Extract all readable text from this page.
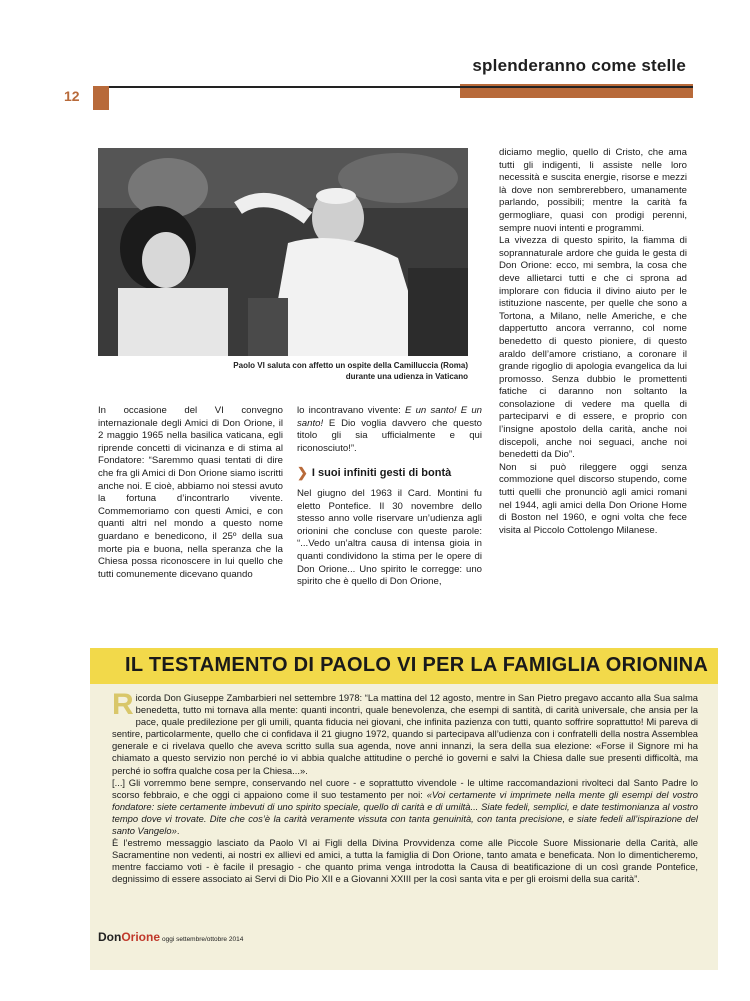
splenderanno come stelle
12
Paolo VI saluta con affetto un ospite della Camilluccia (Roma)
durante una udienza in Vaticano

In occasione del VI convegno internazionale degli Amici di Don Orione, il 2 maggio 1965 nella basilica vaticana, egli riprende concetti di vicinanza e di stima al Fondatore: “Saremmo quasi tentati di dire che fra gli Amici di Don Orione siamo iscritti anche noi. E cioè, abbiamo noi stessi avuto la fortuna d’incontrarlo vivente. Commemoriamo con questi Amici, e con quanti altri nel mondo a questo nome guardano e benedicono, il 25º della sua morte pia e buona, nella speranza che la Chiesa possa riconoscere in lui quello che tutti comunemente dicevano quando

lo incontravano vivente: E un santo! E un santo! E Dio voglia davvero che questo titolo gli sia ufficialmente e qui riconosciuto!”.

❯ I suoi infiniti gesti di bontà

Nel giugno del 1963 il Card. Montini fu eletto Pontefice. Il 30 novembre dello stesso anno volle riservare un’udienza agli orionini che concluse con queste parole: “...Vedo un’altra causa di intensa gioia in quanti condividono la stima per le opere di Don Orione... Uno spirito le corregge: uno spirito che è quello di Don Orione,

diciamo meglio, quello di Cristo, che ama tutti gli indigenti, li assiste nelle loro necessità e suscita energie, risorse e mezzi là dove non sembrerebbero, umanamente parlando, possibili; mentre la carità fa germogliare, quasi con prodigi perenni, sempre nuovi intenti e programmi.

La vivezza di questo spirito, la fiamma di soprannaturale ardore che guida le gesta di Don Orione: ecco, mi sembra, la cosa che deve allietarci tutti e che ci sprona ad implorare con fiducia il divino aiuto per le istituzione nascente, per quelle che sono a Tortona, a Milano, nelle Americhe, e che dappertutto ancora verranno, col nome benedetto di questo pioniere, di questo araldo dell’amore cristiano, a coronare il grande rigoglio di apologia evangelica da lui promosso. Senza dubbio le promettenti fatiche ci daranno non soltanto la consolazione di vedere ma quella di parteciparvi e di essere, e proprio con l’insigne apostolo della carità, anche noi discepoli, anche noi seguaci, anche noi benedetti da Dio”.

Non si può rileggere oggi senza commozione quel discorso stupendo, come tutti quelli che pronunciò agli amici romani nel 1944, agli amici della Don Orione Home di Boston nel 1960, e ogni volta che fece visita al Piccolo Cottolengo Milanese.

IL TESTAMENTO DI PAOLO VI PER LA FAMIGLIA ORIONINA

Ricorda Don Giuseppe Zambarbieri nel settembre 1978: “La mattina del 12 agosto, mentre in San Pietro pregavo accanto alla Sua salma benedetta, tutto mi tornava alla mente: quanti incontri, quale benevolenza, che esempi di santità, di carità universale, che ansia per la pace, quale predilezione per gli umili, quanta fiducia nei giovani, che infinita pazienza con tutti, quanto soffrire soprattutto! Mi pareva di sentire, particolarmente, quello che ci confidava il 21 giugno 1972, quando si partecipava all’udienza con i confratelli della nostra Assemblea generale e ci rivelava quello che aveva scritto sulla sua agenda, nove anni innanzi, la sera della sua elezione: «Forse il Signore mi ha chiamato a questo servizio non perché io vi abbia qualche attitudine o perché io governi e salvi la Chiesa dalle sue presenti difficoltà, ma perché io soffra qualche cosa per la Chiesa...».

[...] Gli vorremmo bene sempre, conservando nel cuore - e soprattutto vivendole - le ultime raccomandazioni rivolteci dal Santo Padre lo scorso febbraio, e che oggi ci appaiono come il suo testamento per noi: «Voi certamente vi imprimete nella mente gli esempi del vostro fondatore: siete certamente imbevuti di uno spirito speciale, quello di carità e di umiltà... Siate fedeli, semplici, e date testimonianza al vostro tempo dove vi trovate. Dite che cos’è la carità veramente vissuta con tanta genuinità, con tanta precisione, e siate fedeli all’ispirazione del santo Vangelo».

È l’estremo messaggio lasciato da Paolo VI ai Figli della Divina Provvidenza come alle Piccole Suore Missionarie della Carità, alle Sacramentine non vedenti, ai nostri ex allievi ed amici, a tutta la famiglia di Don Orione, tanto amata e beneficata. Non lo dimenticheremo, mentre facciamo voti - è facile il presagio - che quanto prima venga introdotta la Causa di beatificazione di un così grande Pontefice, degnissimo di essere associato ai Servi di Dio Pio XII e a Giovanni XXIII per la così santa vita e per gli eroismi della sua carità”.

DonOrione oggi settembre/ottobre 2014
